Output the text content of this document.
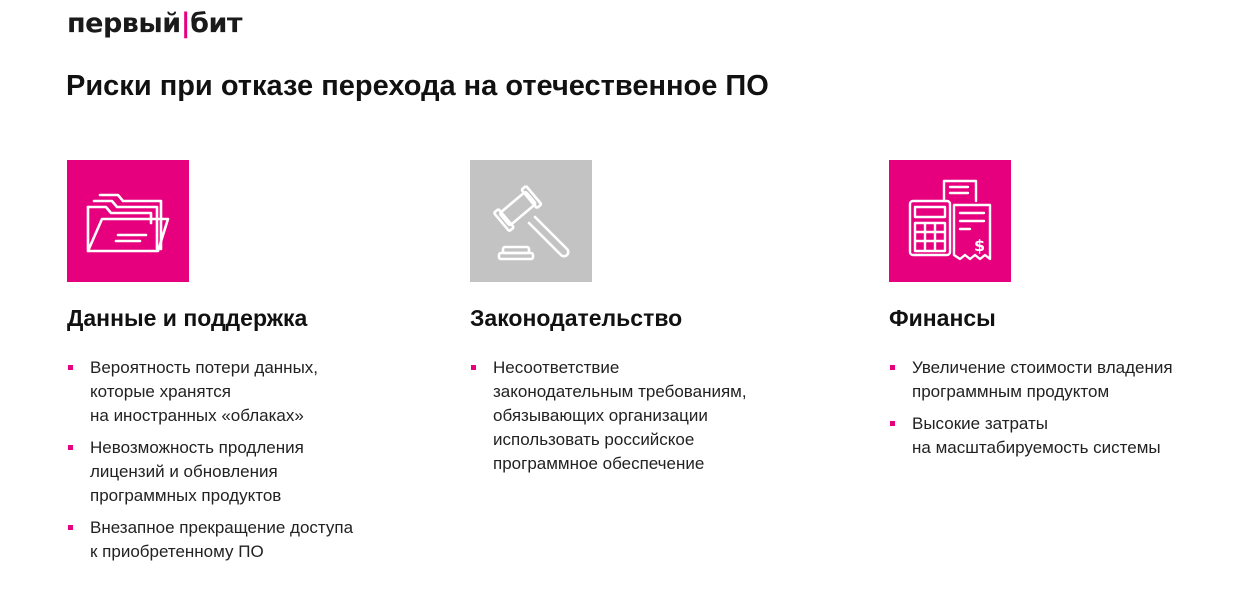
первый|бит
Риски при отказе перехода на отечественное ПО
Данные и поддержка
Вероятность потери данных,
которые хранятся
на иностранных «облаках»
Невозможность продления
лицензий и обновления
программных продуктов
Внезапное прекращение доступа
к приобретенному ПО
Законодательство
Несоответствие
законодательным требованиям,
обязывающих организации
использовать российское
программное обеспечение
$
Финансы
Увеличение стоимости владения
программным продуктом
Высокие затраты
на масштабируемость системы
